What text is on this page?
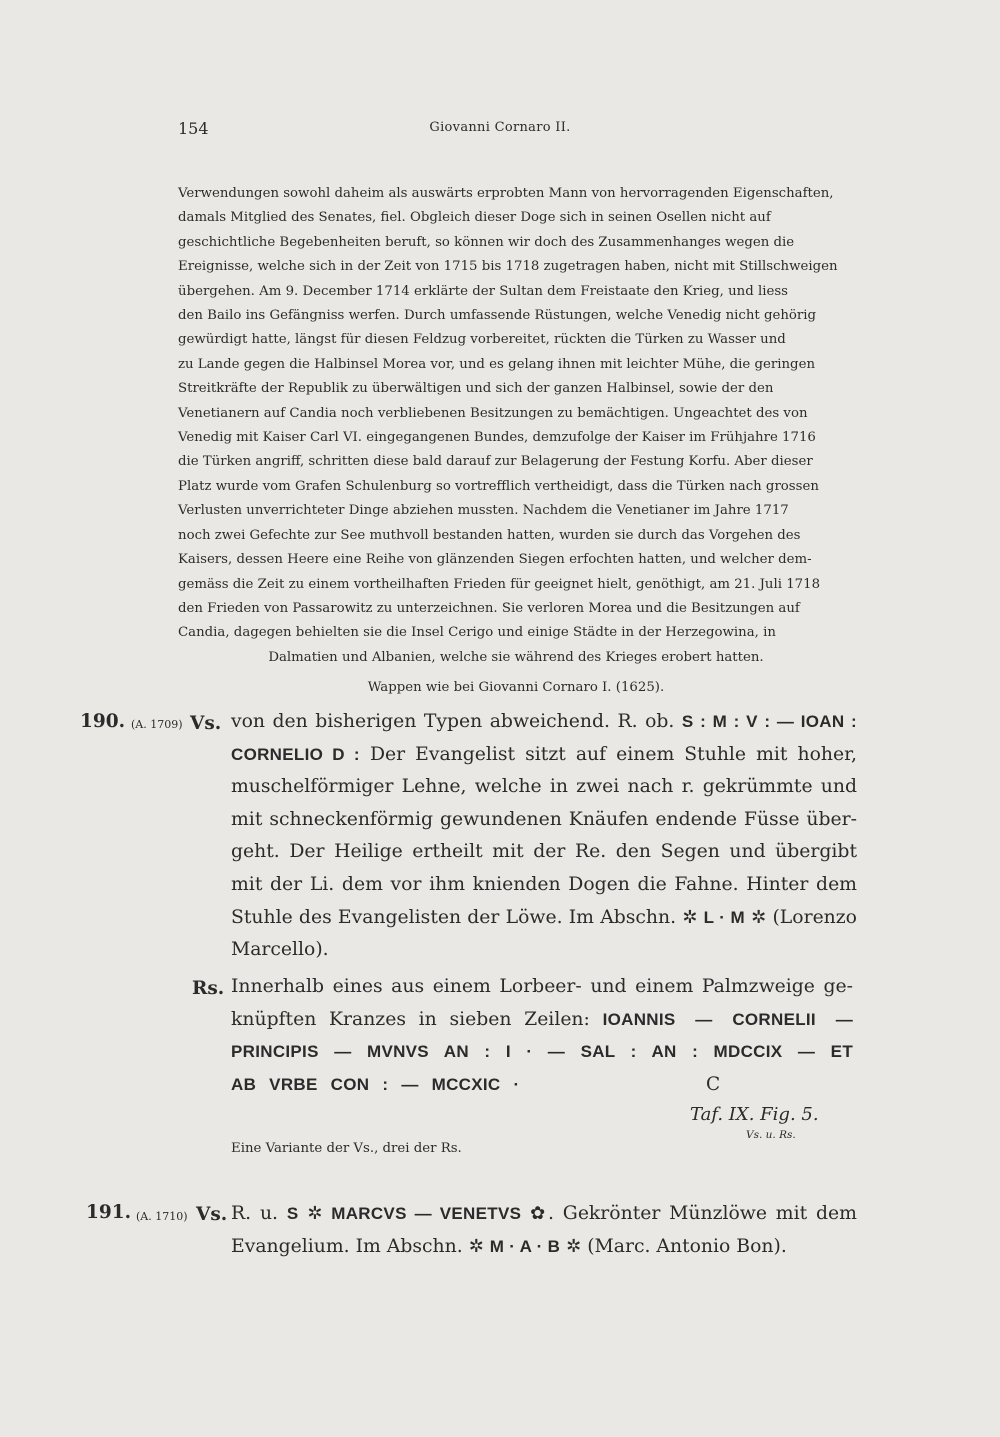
154	Giovanni Cornaro II.

Verwendungen sowohl daheim als auswärts erprobten Mann von hervorragenden Eigenschaften,

damals Mitglied des Senates, fiel. Obgleich dieser Doge sich in seinen Osellen nicht auf

geschichtliche Begebenheiten beruft, so können wir doch des Zusammenhanges wegen die

Ereignisse, welche sich in der Zeit von 1715 bis 1718 zugetragen haben, nicht mit Stillschweigen

übergehen. Am 9. December 1714 erklärte der Sultan dem Freistaate den Krieg, und liess

den Bailo ins Gefängniss werfen. Durch umfassende Rüstungen, welche Venedig nicht gehörig

gewürdigt hatte, längst für diesen Feldzug vorbereitet, rückten die Türken zu Wasser und

zu Lande gegen die Halbinsel Morea vor, und es gelang ihnen mit leichter Mühe, die geringen

Streitkräfte der Republik zu überwältigen und sich der ganzen Halbinsel, sowie der den

Venetianern auf Candia noch verbliebenen Besitzungen zu bemächtigen. Ungeachtet des von

Venedig mit Kaiser Carl VI. eingegangenen Bundes, demzufolge der Kaiser im Frühjahre 1716

die Türken angriff, schritten diese bald darauf zur Belagerung der Festung Korfu. Aber dieser

Platz wurde vom Grafen Schulenburg so vortrefflich vertheidigt, dass die Türken nach grossen

Verlusten unverrichteter Dinge abziehen mussten. Nachdem die Venetianer im Jahre 1717

noch zwei Gefechte zur See muthvoll bestanden hatten, wurden sie durch das Vorgehen des

Kaisers, dessen Heere eine Reihe von glänzenden Siegen erfochten hatten, und welcher dem-

gemäss die Zeit zu einem vortheilhaften Frieden für geeignet hielt, genöthigt, am 21. Juli 1718

den Frieden von Passarowitz zu unterzeichnen. Sie verloren Morea und die Besitzungen auf

Candia, dagegen behielten sie die Insel Cerigo und einige Städte in der Herzegowina, in

Dalmatien und Albanien, welche sie während des Krieges erobert hatten.

Wappen wie bei Giovanni Cornaro I. (1625).

190. (A. 1709) Vs. von den bisherigen Typen abweichend. R. ob. S : M : V : — IOAN : CORNELIO D : Der Evangelist sitzt auf einem Stuhle mit hoher, muschelförmiger Lehne, welche in zwei nach r. gekrümmte und mit schneckenförmig gewundenen Knäufen endende Füsse übergeht. Der Heilige ertheilt mit der Re. den Segen und übergibt mit der Li. dem vor ihm knienden Dogen die Fahne. Hinter dem Stuhle des Evangelisten der Löwe. Im Abschn. ✲ L · M ✲ (Lorenzo Marcello).

Rs. Innerhalb eines aus einem Lorbeer- und einem Palmzweige geknüpften Kranzes in sieben Zeilen: IOANNIS — CORNELII — PRINCIPIS — MVNVS AN : I · — SAL : AN : MDCCIX — ET AB VRBE CON : — MCCXIC ·	C
Taf. IX. Fig. 5.
Vs. u. Rs.
Eine Variante der Vs., drei der Rs.
191. (A. 1710) Vs. R. u. S ✲ MARCVS — VENETVS ✿. Gekrönter Münzlöwe mit dem Evangelium. Im Abschn. ✲ M · A · B ✲ (Marc. Antonio Bon).
